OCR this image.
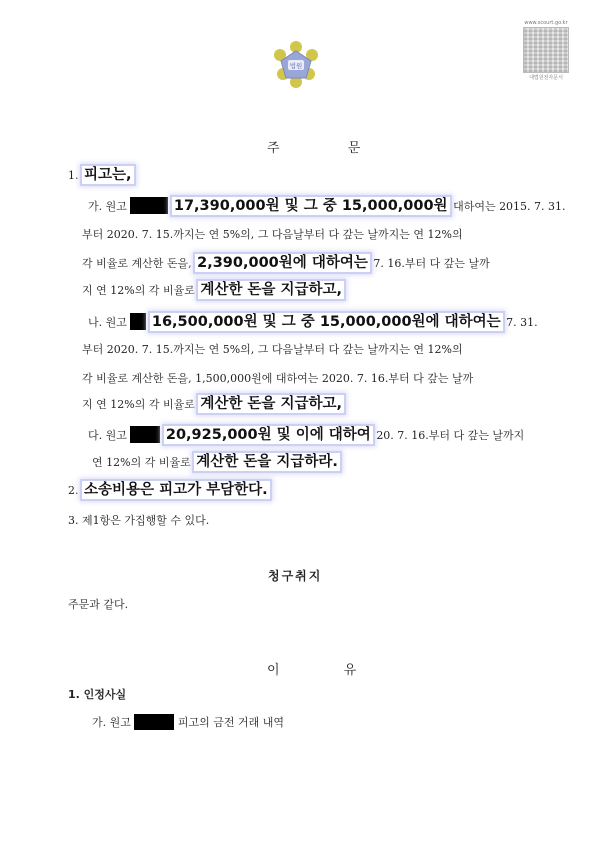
www.scourt.go.kr
대법원전자문서
법원
주 문
1. 피고는,
가. 원고	17,390,000원 및 그 중 15,000,000원 대하여는 2015. 7. 31.
부터 2020. 7. 15.까지는 연 5%의, 그 다음날부터 다 갚는 날까지는 연 12%의
각 비율로 계산한 돈을, 2,390,000원에 대하여는 7. 16.부터 다 갚는 날까
지 연 12%의 각 비율로 계산한 돈을 지급하고,
나. 원고 16,500,000원 및 그 중 15,000,000원에 대하여는 7. 31.
부터 2020. 7. 15.까지는 연 5%의, 그 다음날부터 다 갚는 날까지는 연 12%의
각 비율로 계산한 돈을, 1,500,000원에 대하여는 2020. 7. 16.부터 다 갚는 날까
지 연 12%의 각 비율로 계산한 돈을 지급하고,
다. 원고	20,925,000원 및 이에 대하여 20. 7. 16.부터 다 갚는 날까지
연 12%의 각 비율로 계산한 돈을 지급하라.
2. 소송비용은 피고가 부담한다.
3. 제1항은 가집행할 수 있다.
청구취지
주문과 같다.
이 유
1. 인정사실
가. 원고	피고의 금전 거래 내역
